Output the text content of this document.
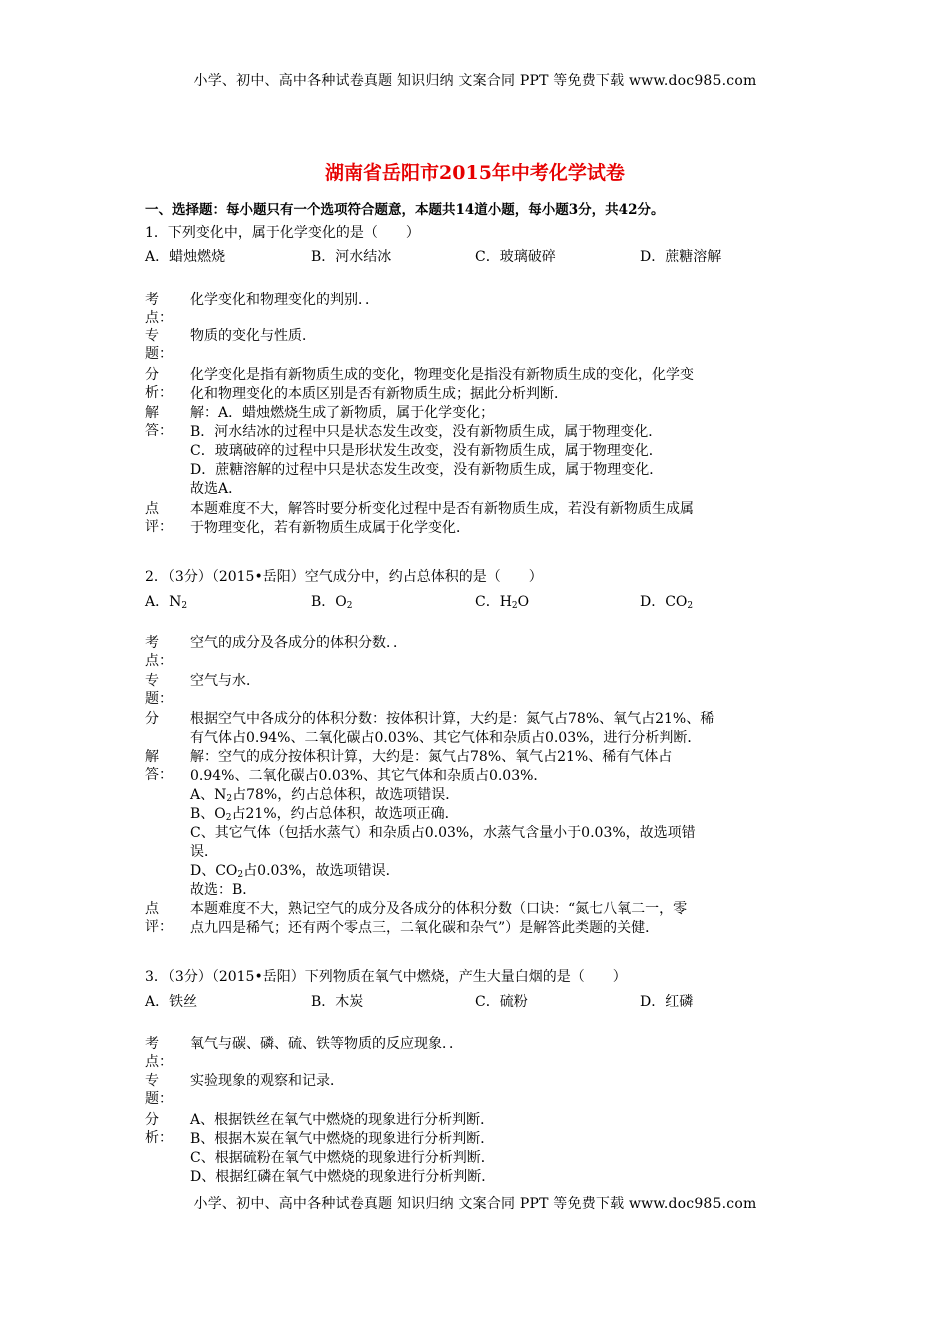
小学、初中、高中各种试卷真题 知识归纳 文案合同 PPT 等免费下载 www.doc985.com
湖南省岳阳市2015年中考化学试卷
一、选择题：每小题只有一个选项符合题意，本题共14道小题，每小题3分，共42分。
1．下列变化中，属于化学变化的是（　　）
A．蜡烛燃烧	B．河水结冰	C．玻璃破碎	D．蔗糖溶解
考
点：
化学变化和物理变化的判别．．
专
题：
物质的变化与性质．
分
析：
化学变化是指有新物质生成的变化，物理变化是指没有新物质生成的变化，化学变
化和物理变化的本质区别是否有新物质生成；据此分析判断．
解
答：
解：A．蜡烛燃烧生成了新物质，属于化学变化；
B．河水结冰的过程中只是状态发生改变，没有新物质生成，属于物理变化．
C．玻璃破碎的过程中只是形状发生改变，没有新物质生成，属于物理变化．
D．蔗糖溶解的过程中只是状态发生改变，没有新物质生成，属于物理变化．
故选A．
点
评：
本题难度不大，解答时要分析变化过程中是否有新物质生成，若没有新物质生成属
于物理变化，若有新物质生成属于化学变化．
2．（3分）（2015•岳阳）空气成分中，约占总体积的是（　　）
A．$N_2$	B．$O_2$	C．$H_2O$	D．$CO_2$
考
点：
空气的成分及各成分的体积分数．．
专
题：
空气与水．
分	根据空气中各成分的体积分数：按体积计算，大约是：氮气占78%、氧气占21%、稀
有气体占0.94%、二氧化碳占0.03%、其它气体和杂质占0.03%，进行分析判断．
解
答：
解：空气的成分按体积计算，大约是：氮气占78%、氧气占21%、稀有气体占
0.94%、二氧化碳占0.03%、其它气体和杂质占0.03%．
A、$N_2$占78%，约占总体积，故选项错误．
B、$O_2$占21%，约占总体积，故选项正确．
C、其它气体（包括水蒸气）和杂质占0.03%，水蒸气含量小于0.03%，故选项错
误．
D、$CO_2$占0.03%，故选项错误．
故选：B．
点
评：
本题难度不大，熟记空气的成分及各成分的体积分数（口诀：“氮七八氧二一，零
点九四是稀气；还有两个零点三，二氧化碳和杂气”）是解答此类题的关健．
3．（3分）（2015•岳阳）下列物质在氧气中燃烧，产生大量白烟的是（　　）
A．铁丝	B．木炭	C．硫粉	D．红磷
考
点：
氧气与碳、磷、硫、铁等物质的反应现象．．
专
题：
实验现象的观察和记录．
分
析：
A、根据铁丝在氧气中燃烧的现象进行分析判断．
B、根据木炭在氧气中燃烧的现象进行分析判断．
C、根据硫粉在氧气中燃烧的现象进行分析判断．
D、根据红磷在氧气中燃烧的现象进行分析判断．
小学、初中、高中各种试卷真题 知识归纳 文案合同 PPT 等免费下载 www.doc985.com
